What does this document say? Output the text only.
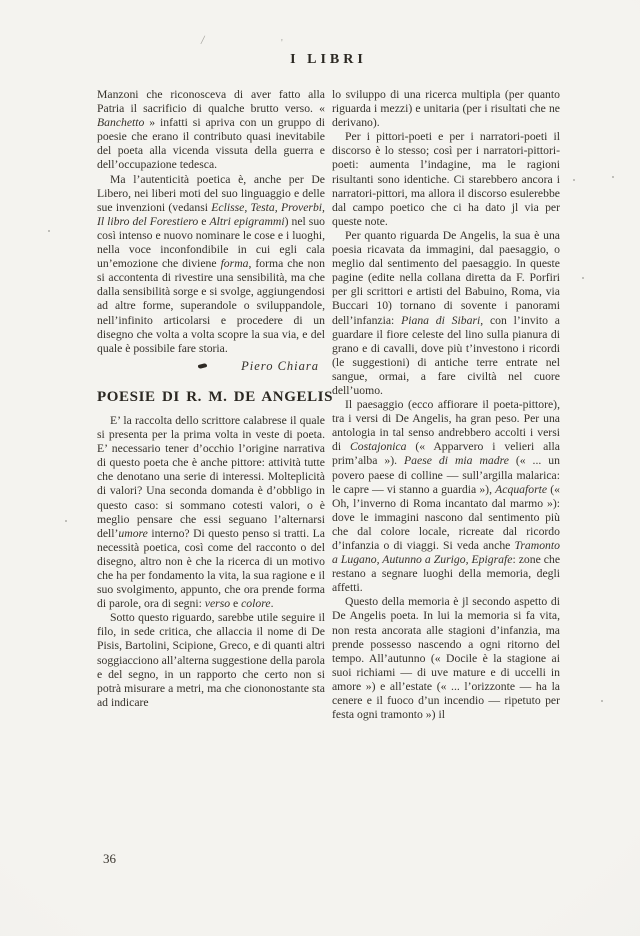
/	'
I LIBRI

Manzoni che riconosceva di aver fatto alla Patria il sacrificio di qualche brutto verso. « Banchetto » infatti si apriva con un gruppo di poesie che erano il contributo quasi inevitabile del poeta alla vicenda vissuta della guerra e dell’occupazione tedesca.

Ma l’autenticità poetica è, anche per De Libero, nei liberi moti del suo linguaggio e delle sue invenzioni (vedansi Eclisse, Testa, Proverbi, Il libro del Forestiero e Altri epigrammi) nel suo così intenso e nuovo nominare le cose e i luoghi, nella voce inconfondibile in cui egli cala un’emozione che diviene forma, forma che non si accontenta di rivestire una sensibilità, ma che dalla sensibilità sorge e si svolge, aggiungendosi ad altre forme, superandole o sviluppandole, nell’infinito articolarsi e procedere di un disegno che volta a volta scopre la sua via, e del quale è possibile fare storia.

Piero Chiara
POESIE DI R. M. DE ANGELIS

E’ la raccolta dello scrittore calabrese il quale si presenta per la prima volta in veste di poeta. E’ necessario tener d’occhio l’origine narrativa di questo poeta che è anche pittore: attività tutte che denotano una serie di interessi. Molteplicità di valori? Una seconda domanda è d’obbligo in questo caso: si sommano cotesti valori, o è meglio pensare che essi seguano l’alternarsi dell’umore interno? Di questo penso si tratti. La necessità poetica, così come del racconto o del disegno, altro non è che la ricerca di un motivo che ha per fondamento la vita, la sua ragione e il suo svolgimento, appunto, che ora prende forma di parole, ora di segni: verso e colore.

Sotto questo riguardo, sarebbe utile seguire il filo, in sede critica, che allaccia il nome di De Pisis, Bartolini, Scipione, Greco, e di quanti altri soggiacciono all’alterna suggestione della parola e del segno, in un rapporto che certo non si potrà misurare a metri, ma che ciononostante sta ad indicare

lo sviluppo di una ricerca multipla (per quanto riguarda i mezzi) e unitaria (per i risultati che ne derivano).

Per i pittori-poeti e per i narratori-poeti il discorso è lo stesso; così per i narratori-pittori-poeti: aumenta l’indagine, ma le ragioni risultanti sono identiche. Ci starebbero ancora i narratori-pittori, ma allora il discorso esulerebbe dal campo poetico che ci ha dato jl via per queste note.

Per quanto riguarda De Angelis, la sua è una poesia ricavata da immagini, dal paesaggio, o meglio dal sentimento del paesaggio. In queste pagine (edite nella collana diretta da F. Porfiri per gli scrittori e artisti del Babuino, Roma, via Buccari 10) tornano di sovente i panorami dell’infanzia: Piana di Sibari, con l’invito a guardare il fiore celeste del lino sulla pianura di grano e di cavalli, dove più t’investono i ricordi (le suggestioni) di antiche terre entrate nel sangue, ormai, a fare civiltà nel cuore dell’uomo.

Il paesaggio (ecco affiorare il poeta-pittore), tra i versi di De Angelis, ha gran peso. Per una antologia in tal senso andrebbero accolti i versi di Costajonica (« Apparvero i velieri alla prim’alba »). Paese di mia madre (« ... un povero paese di colline — sull’argilla malarica: le capre — vi stanno a guardia »), Acquaforte (« Oh, l’inverno di Roma incantato dal marmo »): dove le immagini nascono dal sentimento più che dal colore locale, ricreate dal ricordo d’infanzia o di viaggi. Si veda anche Tramonto a Lugano, Autunno a Zurigo, Epigrafe: zone che restano a segnare luoghi della memoria, degli affetti.

Questo della memoria è jl secondo aspetto di De Angelis poeta. In lui la memoria si fa vita, non resta ancorata alle stagioni d’infanzia, ma prende possesso nascendo a ogni ritorno del tempo. All’autunno (« Docile è la stagione ai suoi richiami — di uve mature e di uccelli in amore ») e all’estate (« ... l’orizzonte — ha la cenere e il fuoco d’un incendio — ripetuto per festa ogni tramonto ») il

36
